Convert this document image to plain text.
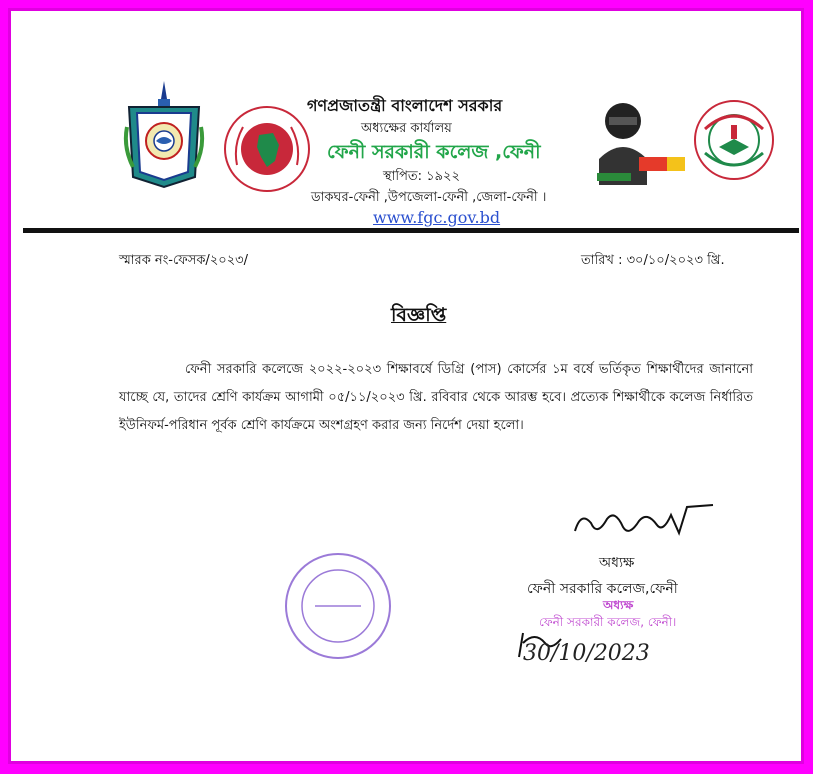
গণপ্রজাতন্ত্রী বাংলাদেশ সরকার
অধ্যক্ষের কার্যালয়
ফেনী সরকারী কলেজ ,ফেনী
স্থাপিত: ১৯২২
ডাকঘর-ফেনী ,উপজেলা-ফেনী ,জেলা-ফেনী ।
www.fgc.gov.bd
স্মারক নং-ফেসক/২০২৩/	তারিখ : ৩০/১০/২০২৩ খ্রি.
বিজ্ঞপ্তি
ফেনী সরকারি কলেজে ২০২২-২০২৩ শিক্ষাবর্ষে ডিগ্রি (পাস) কোর্সের ১ম বর্ষে ভর্তিকৃত শিক্ষার্থীদের জানানো যাচ্ছে যে, তাদের শ্রেণি কার্যক্রম আগামী ০৫/১১/২০২৩ খ্রি. রবিবার থেকে আরম্ভ হবে। প্রত্যেক শিক্ষার্থীকে কলেজ নির্ধারিত ইউনিফর্ম-পরিধান পূর্বক শ্রেণি কার্যক্রমে অংশগ্রহণ করার জন্য নির্দেশ দেয়া হলো।
অধ্যক্ষ
ফেনী সরকারি কলেজ,ফেনী
অধ্যক্ষ
ফেনী সরকারী কলেজ, ফেনী।
30/10/2023
